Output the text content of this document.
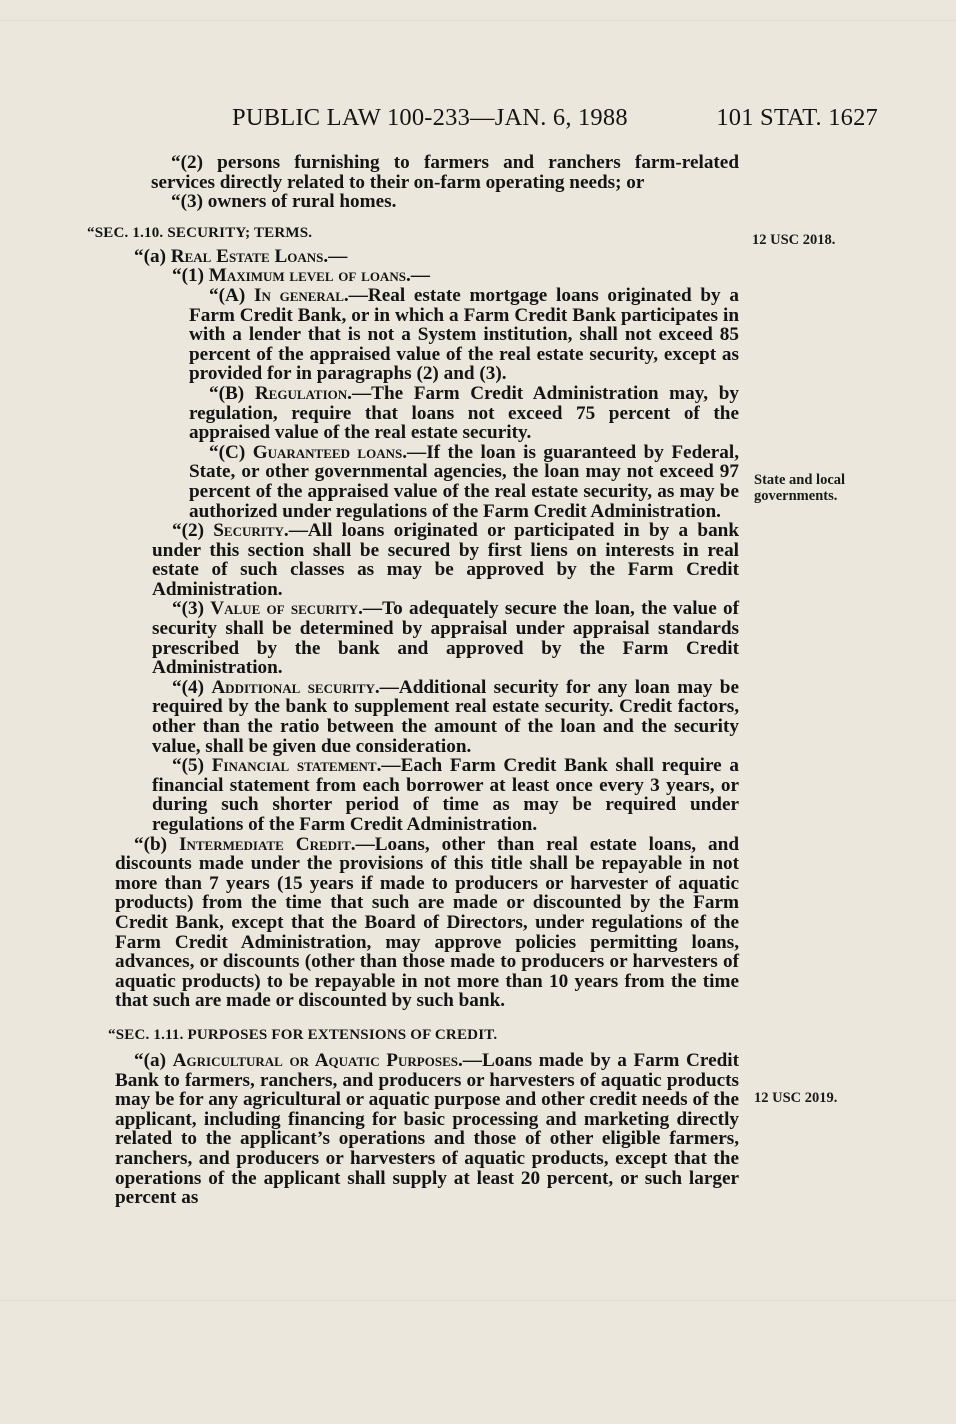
PUBLIC LAW 100-233—JAN. 6, 1988	101 STAT. 1627
12 USC 2018.
State and local
governments.
12 USC 2019.

“(2) persons furnishing to farmers and ranchers farm-related services directly related to their on-farm operating needs; or

“(3) owners of rural homes.

“SEC. 1.10. SECURITY; TERMS.

“(a) Real Estate Loans.—

“(1) Maximum level of loans.—

“(A) In general.—Real estate mortgage loans originated by a Farm Credit Bank, or in which a Farm Credit Bank participates in with a lender that is not a System institution, shall not exceed 85 percent of the appraised value of the real estate security, except as provided for in paragraphs (2) and (3).

“(B) Regulation.—The Farm Credit Administration may, by regulation, require that loans not exceed 75 percent of the appraised value of the real estate security.

“(C) Guaranteed loans.—If the loan is guaranteed by Federal, State, or other governmental agencies, the loan may not exceed 97 percent of the appraised value of the real estate security, as may be authorized under regulations of the Farm Credit Administration.

“(2) Security.—All loans originated or participated in by a bank under this section shall be secured by first liens on interests in real estate of such classes as may be approved by the Farm Credit Administration.

“(3) Value of security.—To adequately secure the loan, the value of security shall be determined by appraisal under appraisal standards prescribed by the bank and approved by the Farm Credit Administration.

“(4) Additional security.—Additional security for any loan may be required by the bank to supplement real estate security. Credit factors, other than the ratio between the amount of the loan and the security value, shall be given due consideration.

“(5) Financial statement.—Each Farm Credit Bank shall require a financial statement from each borrower at least once every 3 years, or during such shorter period of time as may be required under regulations of the Farm Credit Administration.

“(b) Intermediate Credit.—Loans, other than real estate loans, and discounts made under the provisions of this title shall be repayable in not more than 7 years (15 years if made to producers or harvester of aquatic products) from the time that such are made or discounted by the Farm Credit Bank, except that the Board of Directors, under regulations of the Farm Credit Administration, may approve policies permitting loans, advances, or discounts (other than those made to producers or harvesters of aquatic products) to be repayable in not more than 10 years from the time that such are made or discounted by such bank.

“SEC. 1.11. PURPOSES FOR EXTENSIONS OF CREDIT.

“(a) Agricultural or Aquatic Purposes.—Loans made by a Farm Credit Bank to farmers, ranchers, and producers or harvesters of aquatic products may be for any agricultural or aquatic purpose and other credit needs of the applicant, including financing for basic processing and marketing directly related to the applicant’s operations and those of other eligible farmers, ranchers, and producers or harvesters of aquatic products, except that the operations of the applicant shall supply at least 20 percent, or such larger percent as
